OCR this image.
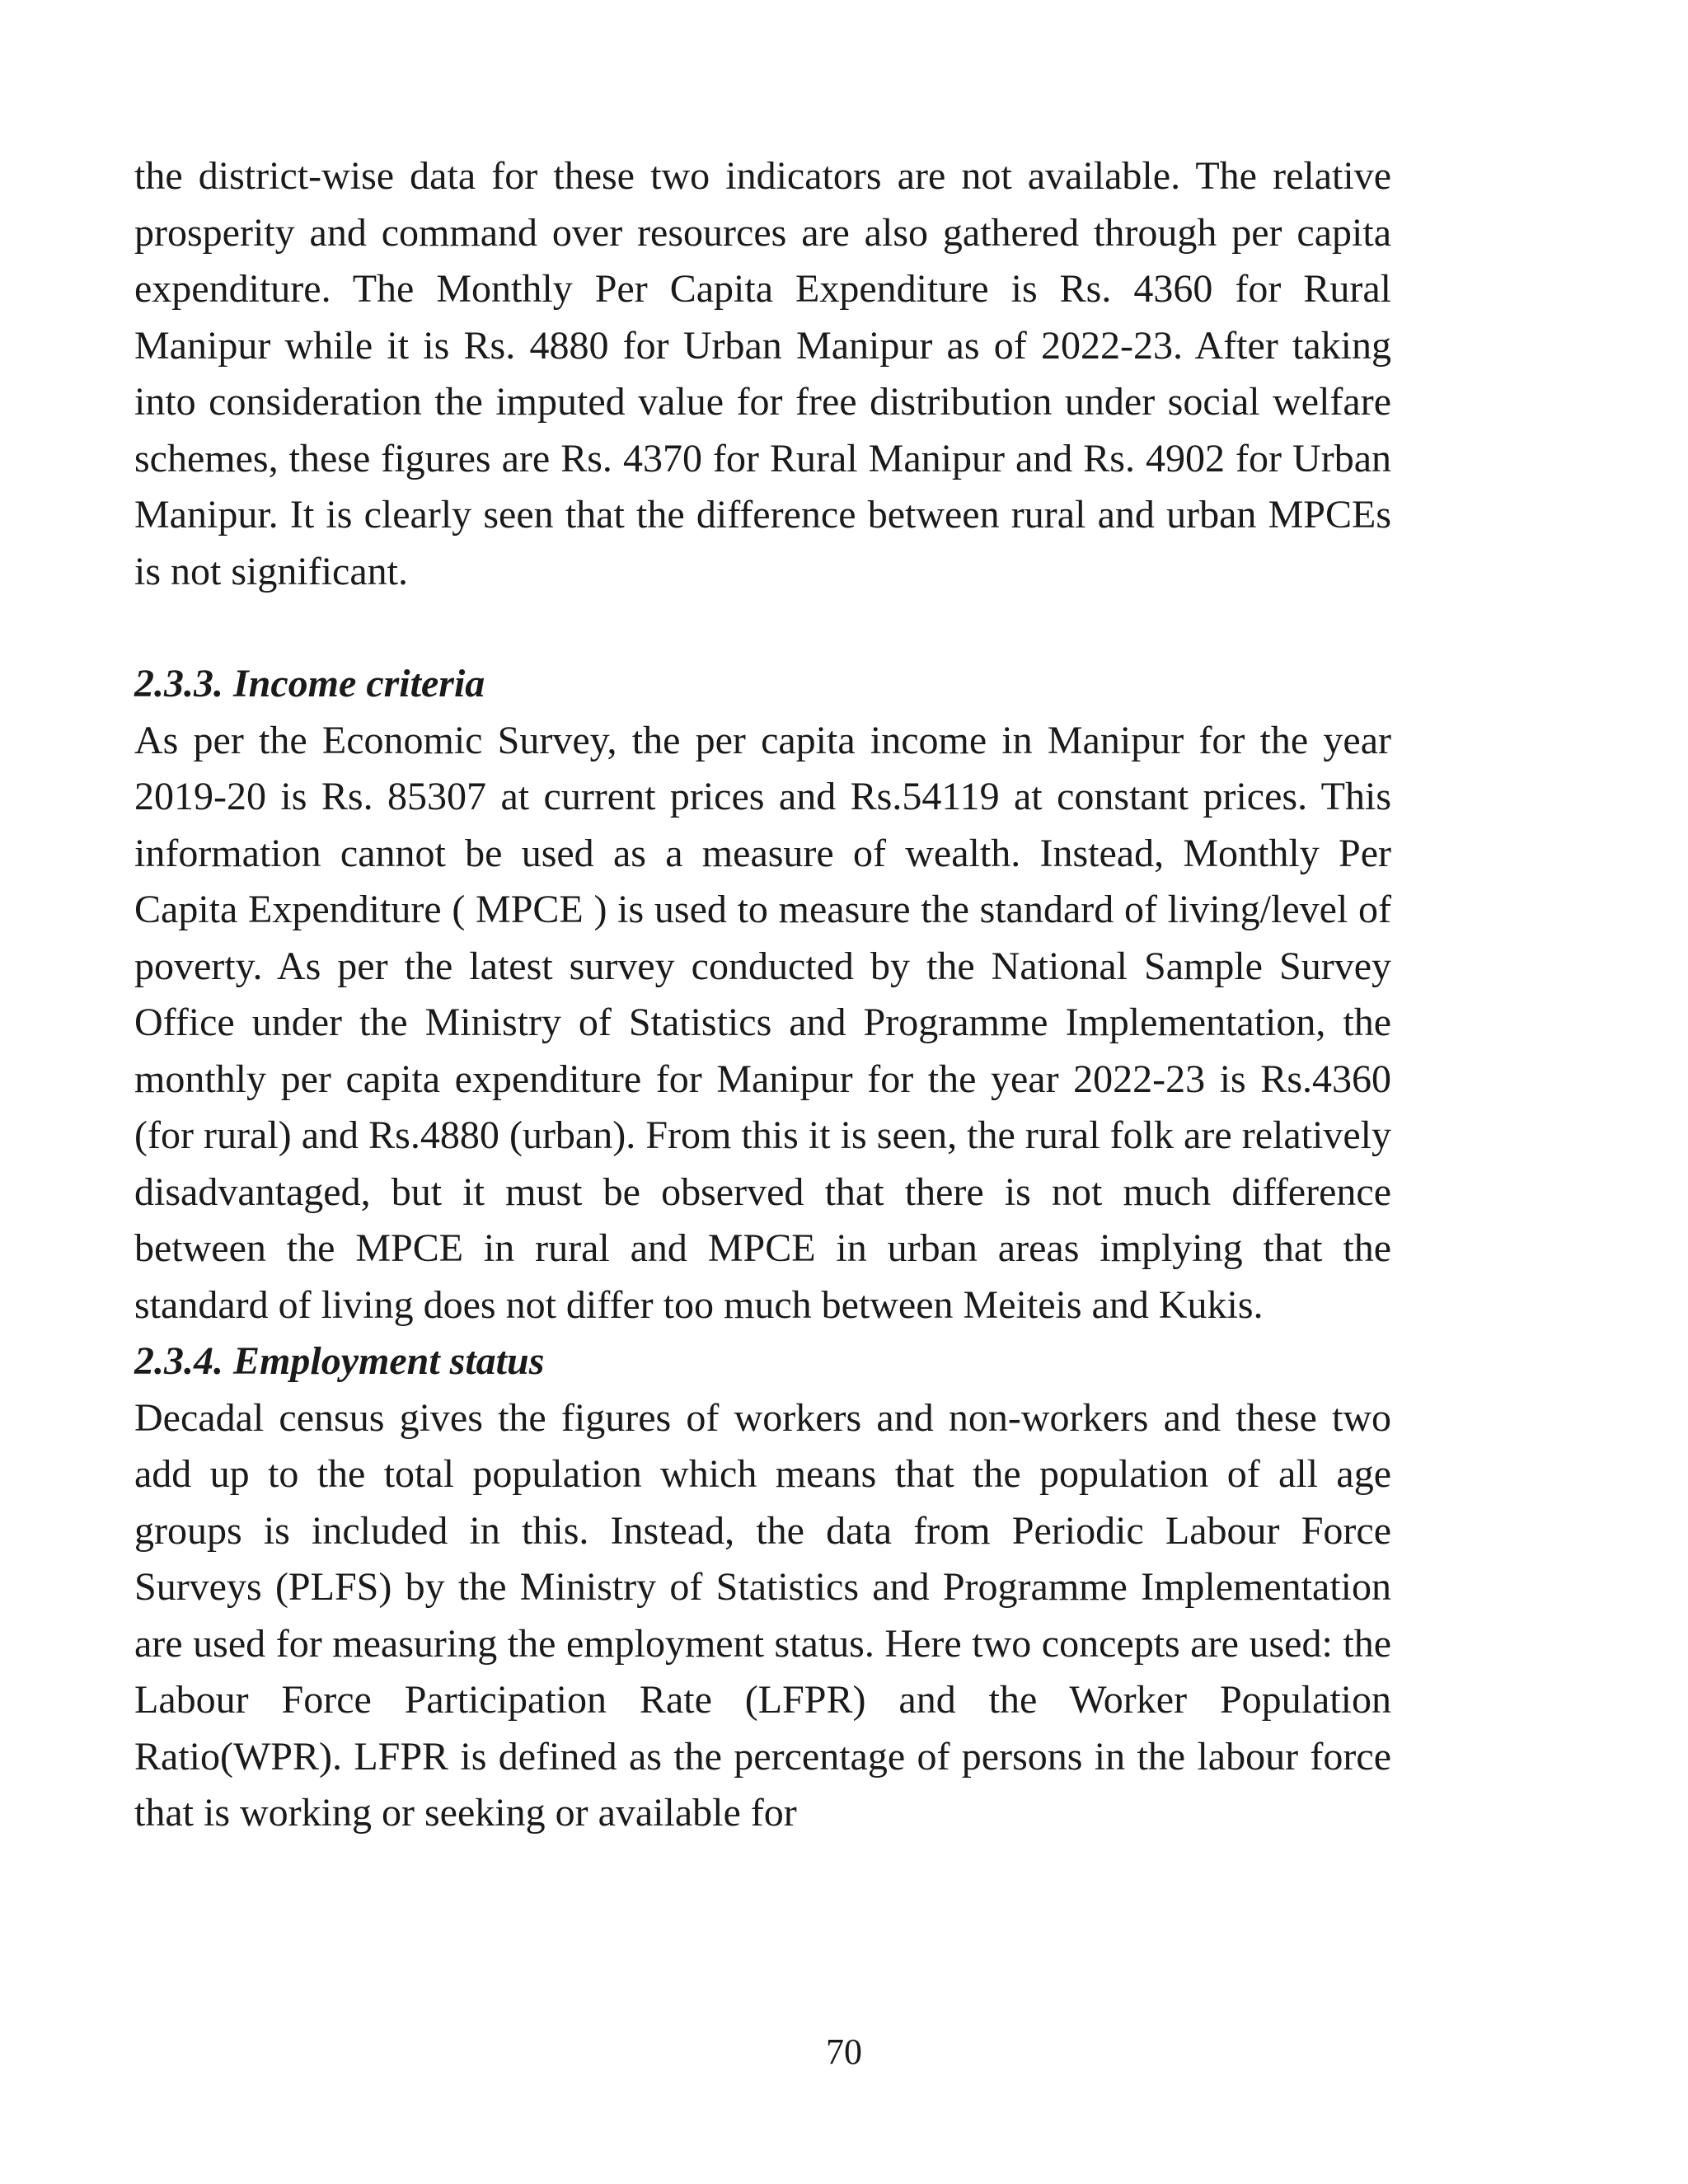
the district-wise data for these two indicators are not available. The relative prosperity and command over resources are also gathered through per capita expenditure. The Monthly Per Capita Expenditure is Rs. 4360 for Rural Manipur while it is Rs. 4880 for Urban Manipur as of 2022-23. After taking into consideration the imputed value for free distribution under social welfare schemes, these figures are Rs. 4370 for Rural Manipur and Rs. 4902 for Urban Manipur. It is clearly seen that the difference between rural and urban MPCEs is not significant.

2.3.3. Income criteria

As per the Economic Survey, the per capita income in Manipur for the year 2019-20 is Rs. 85307 at current prices and Rs.54119 at constant prices. This information cannot be used as a measure of wealth. Instead, Monthly Per Capita Expenditure ( MPCE ) is used to measure the standard of living/level of poverty. As per the latest survey conducted by the National Sample Survey Office under the Ministry of Statistics and Programme Implementation, the monthly per capita expenditure for Manipur for the year 2022-23 is Rs.4360 (for rural) and Rs.4880 (urban). From this it is seen, the rural folk are relatively disadvantaged, but it must be observed that there is not much difference between the MPCE in rural and MPCE in urban areas implying that the standard of living does not differ too much between Meiteis and Kukis.

2.3.4. Employment status

Decadal census gives the figures of workers and non-workers and these two add up to the total population which means that the population of all age groups is included in this. Instead, the data from Periodic Labour Force Surveys (PLFS) by the Ministry of Statistics and Programme Implementation are used for measuring the employment status. Here two concepts are used: the Labour Force Participation Rate (LFPR) and the Worker Population Ratio(WPR). LFPR is defined as the percentage of persons in the labour force that is working or seeking or available for

70
